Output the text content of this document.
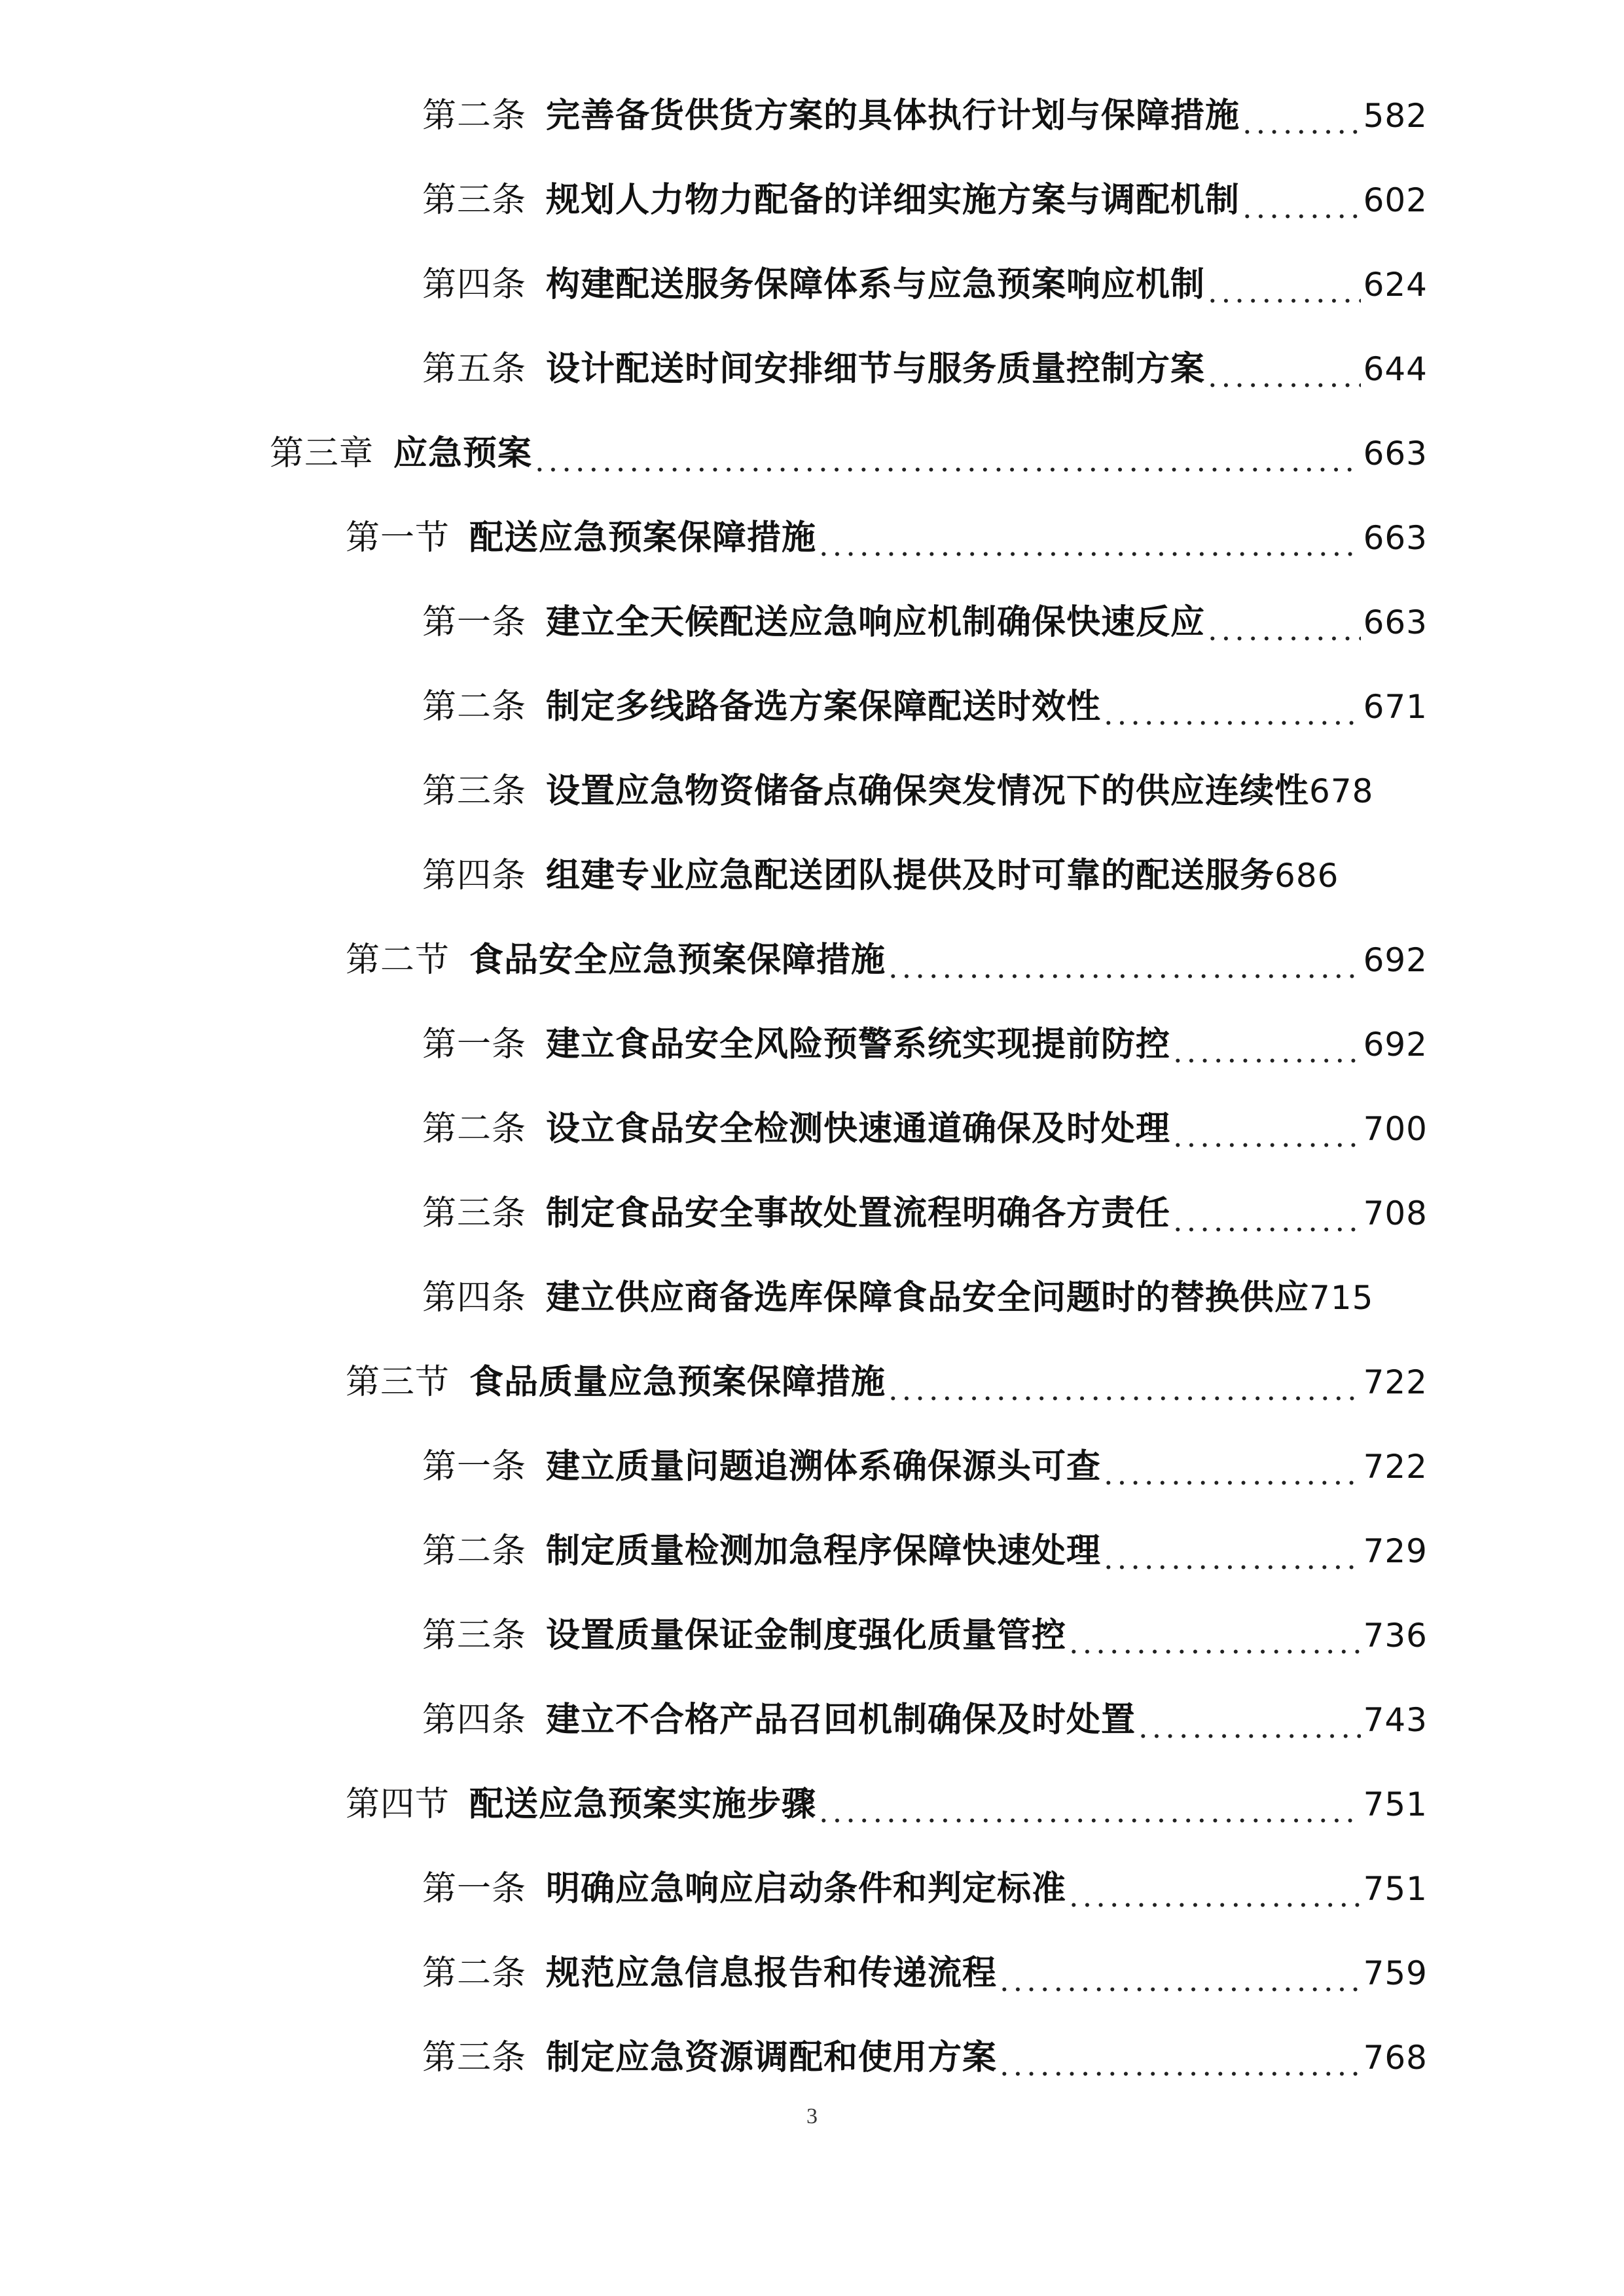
第二条 完善备货供货方案的具体执行计划与保障措施 .....	582
第三条 规划人力物力配备的详细实施方案与调配机制 .....	602
第四条 构建配送服务保障体系与应急预案响应机制 .....	624
第五条 设计配送时间安排细节与服务质量控制方案 .....	644
第三章 应急预案 .....	663
第一节 配送应急预案保障措施 .....	663
第一条 建立全天候配送应急响应机制确保快速反应 .....	663
第二条 制定多线路备选方案保障配送时效性 .....	671
第三条 设置应急物资储备点确保突发情况下的供应连续性 678
第四条 组建专业应急配送团队提供及时可靠的配送服务 686
第二节 食品安全应急预案保障措施 .....	692
第一条 建立食品安全风险预警系统实现提前防控 .....	692
第二条 设立食品安全检测快速通道确保及时处理 .....	700
第三条 制定食品安全事故处置流程明确各方责任 .....	708
第四条 建立供应商备选库保障食品安全问题时的替换供应 715
第三节 食品质量应急预案保障措施 .....	722
第一条 建立质量问题追溯体系确保源头可查 .....	722
第二条 制定质量检测加急程序保障快速处理 .....	729
第三条 设置质量保证金制度强化质量管控 .....	736
第四条 建立不合格产品召回机制确保及时处置 .....	743
第四节 配送应急预案实施步骤 .....	751
第一条 明确应急响应启动条件和判定标准 .....	751
第二条 规范应急信息报告和传递流程 .....	759
第三条 制定应急资源调配和使用方案 .....	768
3
